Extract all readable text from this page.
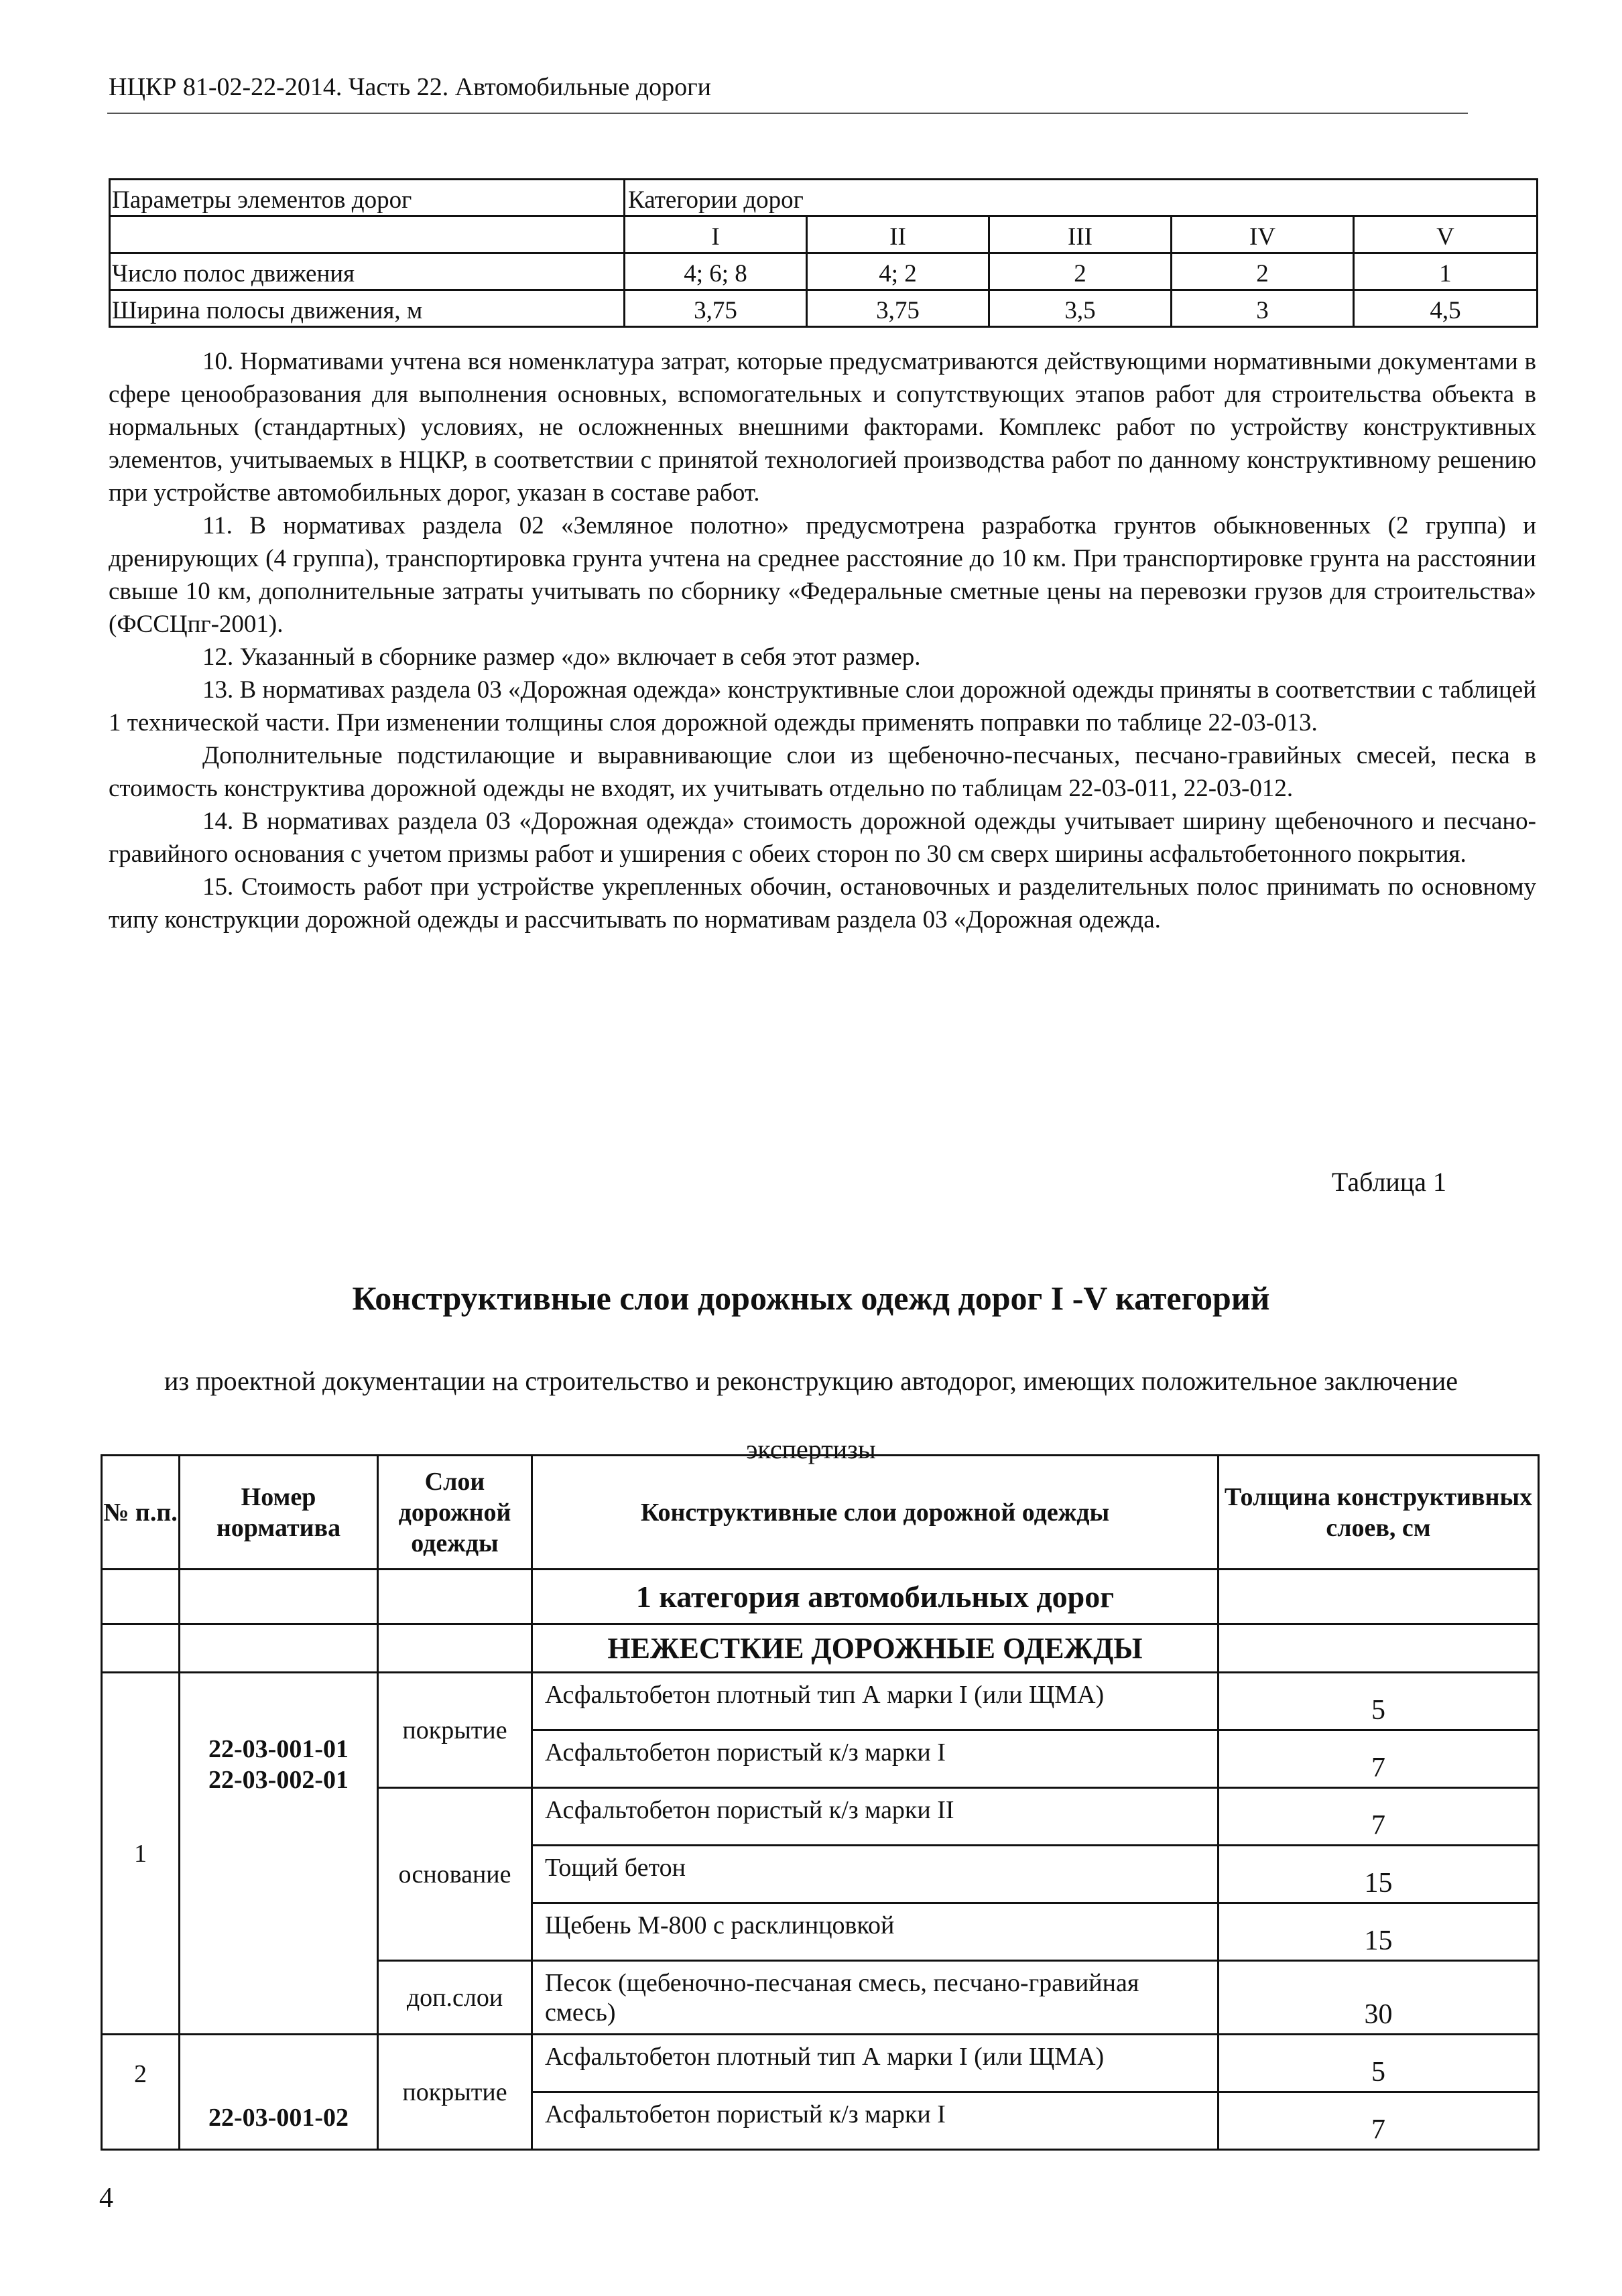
НЦКР 81-02-22-2014. Часть 22. Автомобильные дороги
Параметры элементов дорог	Категории дорог				
	I	II	III	IV	V
Число полос движения	4; 6; 8	4; 2	2	2	1
Ширина полосы движения, м	3,75	3,75	3,5	3	4,5

10. Нормативами учтена вся номенклатура затрат, которые предусматриваются действующими нормативными документами в сфере ценообразования для выполнения основных, вспомогательных и сопутствующих этапов работ для строительства объекта в нормальных (стандартных) условиях, не осложненных внешними факторами. Комплекс работ по устройству конструктивных элементов, учитываемых в НЦКР, в соответствии с принятой технологией производства работ по данному конструктивному решению при устройстве автомобильных дорог, указан в составе работ.

11. В нормативах раздела 02 «Земляное полотно» предусмотрена разработка грунтов обыкновенных (2 группа) и дренирующих (4 группа), транспортировка грунта учтена на среднее расстояние до 10 км. При транспортировке грунта на расстоянии свыше 10 км, дополнительные затраты учитывать по сборнику «Федеральные сметные цены на перевозки грузов для строительства» (ФССЦпг-2001).

12. Указанный в сборнике размер «до» включает в себя этот размер.

13. В нормативах раздела 03 «Дорожная одежда» конструктивные слои дорожной одежды приняты в соответствии с таблицей 1 технической части. При изменении толщины слоя дорожной одежды применять поправки по таблице 22-03-013.

Дополнительные подстилающие и выравнивающие слои из щебеночно-песчаных, песчано-гравийных смесей, песка в стоимость конструктива дорожной одежды не входят, их учитывать отдельно по таблицам 22-03-011, 22-03-012.

14. В нормативах раздела 03 «Дорожная одежда» стоимость дорожной одежды учитывает ширину щебеночного и песчано-гравийного основания с учетом призмы работ и уширения с обеих сторон по 30 см сверх ширины асфальтобетонного покрытия.

15. Стоимость работ при устройстве укрепленных обочин, остановочных и разделительных полос принимать по основному типу конструкции дорожной одежды и рассчитывать по нормативам раздела 03 «Дорожная одежда.

Таблица 1
Конструктивные слои дорожных одежд дорог I -V категорий
из проектной документации на строительство и реконструкцию автодорог, имеющих положительное заключение экспертизы
№ п.п.	Номер норматива	Слои дорожной одежды	Конструктивные слои дорожной одежды	Толщина конструктивных слоев, см
			1 категория автомобильных дорог	
			НЕЖЕСТКИЕ ДОРОЖНЫЕ ОДЕЖДЫ	
1	22-03-001-01 22-03-002-01	покрытие	Асфальтобетон плотный тип А марки I (или ЩМА)	5
			Асфальтобетон пористый к/з марки I	7
		основание	Асфальтобетон пористый к/з марки II	7
			Тощий бетон	15
			Щебень М-800 с расклинцовкой	15
		доп.слои	Песок (щебеночно-песчаная смесь, песчано-гравийная смесь)	30
2	22-03-001-02	покрытие	Асфальтобетон плотный тип А марки I (или ЩМА)	5
			Асфальтобетон пористый к/з марки I	7
4
